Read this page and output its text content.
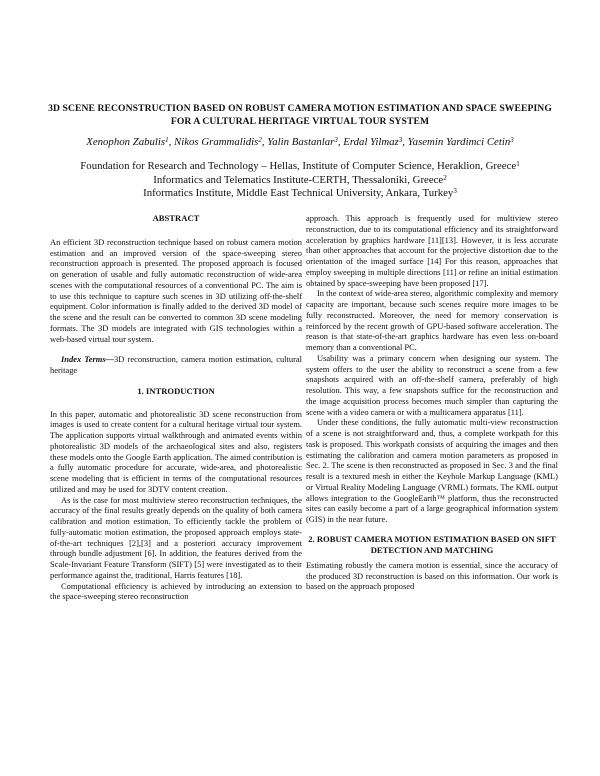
3D SCENE RECONSTRUCTION BASED ON ROBUST CAMERA MOTION ESTIMATION AND SPACE SWEEPING FOR A CULTURAL HERITAGE VIRTUAL TOUR SYSTEM
Xenophon Zabulis$^1$, Nikos Grammalidis$^2$, Yalin Bastanlar$^3$, Erdal Yilmaz$^3$, Yasemin Yardimci Cetin$^3$
Foundation for Research and Technology – Hellas, Institute of Computer Science, Heraklion, Greece$^1$
Informatics and Telematics Institute-CERTH, Thessaloniki, Greece$^2$
Informatics Institute, Middle East Technical University, Ankara, Turkey$^3$
ABSTRACT

An efficient 3D reconstruction technique based on robust camera motion estimation and an improved version of the space-sweeping stereo reconstruction approach is presented. The proposed approach is focused on generation of usable and fully automatic reconstruction of wide-area scenes with the computational resources of a conventional PC. The aim is to use this technique to capture such scenes in 3D utilizing off-the-shelf equipment. Color information is finally added to the derived 3D model of the scene and the result can be converted to common 3D scene modeling formats. The 3D models are integrated with GIS technologies within a web-based virtual tour system.

Index Terms—3D reconstruction, camera motion estimation, cultural heritage

1. INTRODUCTION

In this paper, automatic and photorealistic 3D scene reconstruction from images is used to create content for a cultural heritage virtual tour system. The application supports virtual walkthrough and animated events within photorealistic 3D models of the archaeological sites and also, registers these models onto the Google Earth application. The aimed contribution is a fully automatic procedure for accurate, wide-area, and photorealistic scene modeling that is efficient in terms of the computational resources utilized and may be used for 3DTV content creation.

As is the case for most multiview stereo reconstruction techniques, the accuracy of the final results greatly depends on the quality of both camera calibration and motion estimation. To efficiently tackle the problem of fully-automatic motion estimation, the proposed approach employs state-of-the-art techniques [2],[3] and a posteriori accuracy improvement through bundle adjustment [6]. In addition, the features derived from the Scale-Invariant Feature Transform (SIFT) [5] were investigated as to their performance against the, traditional, Harris features [18].

Computational efficiency is achieved by introducing an extension to the space-sweeping stereo reconstruction

approach. This approach is frequently used for multiview stereo reconstruction, due to its computational efficiency and its straightforward acceleration by graphics hardware [11][13]. However, it is less accurate than other approaches that account for the projective distortion due to the orientation of the imaged surface [14] For this reason, approaches that employ sweeping in multiple directions [11] or refine an initial estimation obtained by space-sweeping have been proposed [17].

In the context of wide-area stereo, algorithmic complexity and memory capacity are important, because such scenes require more images to be fully reconstructed. Moreover, the need for memory conservation is reinforced by the recent growth of GPU-based software acceleration. The reason is that state-of-the-art graphics hardware has even less on-board memory than a conventional PC.

Usability was a primary concern when designing our system. The system offers to the user the ability to reconstruct a scene from a few snapshots acquired with an off-the-shelf camera, preferably of high resolution. This way, a few snapshots suffice for the reconstruction and the image acquisition process becomes much simpler than capturing the scene with a video camera or with a multicamera apparatus [11].

Under these conditions, the fully automatic multi-view reconstruction of a scene is not straightforward and, thus, a complete workpath for this task is proposed. This workpath consists of acquiring the images and then estimating the calibration and camera motion parameters as proposed in Sec. 2. The scene is then reconstructed as proposed in Sec. 3 and the final result is a textured mesh in either the Keyhole Markup Language (KML) or Virtual Reality Modeling Language (VRML) formats. The KML output allows integration to the GoogleEarth™ platform, thus the reconstructed sites can easily become a part of a large geographical information system (GIS) in the near future.

2. ROBUST CAMERA MOTION ESTIMATION BASED ON SIFT DETECTION AND MATCHING

Estimating robustly the camera motion is essential, since the accuracy of the produced 3D reconstruction is based on this information. Our work is based on the approach proposed
